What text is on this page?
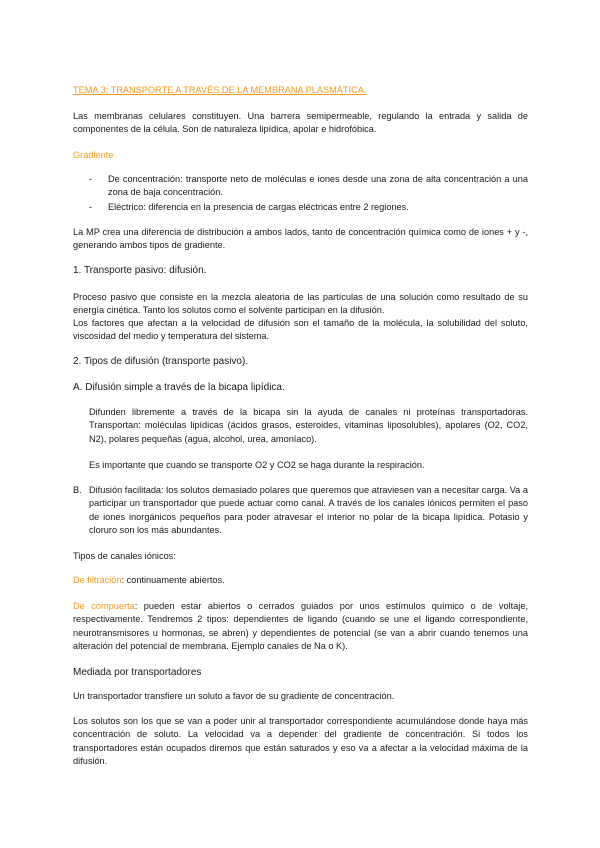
TEMA 3: TRANSPORTE A TRAVÉS DE LA MEMBRANA PLASMÁTICA.

Las membranas celulares constituyen. Una barrera semipermeable, regulando la entrada y salida de componentes de la célula. Son de naturaleza lipídica, apolar e hidrofóbica.

Gradiente

- De concentración: transporte neto de moléculas e iones desde una zona de alta concentración a una zona de baja concentración.

- Eléctrico: diferencia en la presencia de cargas eléctricas entre 2 regiones.

La MP crea una diferencia de distribución a ambos lados, tanto de concentración química como de iones + y -, generando ambos tipos de gradiente.

1. Transporte pasivo: difusión.

Proceso pasivo que consiste en la mezcla aleatoria de las partículas de una solución como resultado de su energía cinética. Tanto los solutos como el solvente participan en la difusión.

Los factores que afectan a la velocidad de difusión son el tamaño de la molécula, la solubilidad del soluto, viscosidad del medio y temperatura del sistema.

2. Tipos de difusión (transporte pasivo).

A. Difusión simple a través de la bicapa lipídica.

Difunden libremente a través de la bicapa sin la ayuda de canales ni proteínas transportadoras. Transportan: moléculas lipídicas (ácidos grasos, esteroides, vitaminas liposolubles), apolares (O2, CO2, N2), polares pequeñas (agua, alcohol, urea, amoníaco).

Es importante que cuando se transporte O2 y CO2 se haga durante la respiración.

B. Difusión facilitada: los solutos demasiado polares que queremos que atraviesen van a necesitar carga. Va a participar un transportador que puede actuar como canal. A través de los canales iónicos permiten el paso de iones inorgánicos pequeños para poder atravesar el interior no polar de la bicapa lipídica. Potasio y cloruro son los más abundantes.

Tipos de canales iónicos:

De filtración: continuamente abiertos.

De compuerta: pueden estar abiertos o cerrados guiados por unos estímulos químico o de voltaje, respectivamente. Tendremos 2 tipos: dependientes de ligando (cuando se une el ligando correspondiente, neurotransmisores u hormonas, se abren) y dependientes de potencial (se van a abrir cuando tenemos una alteración del potencial de membrana. Ejemplo canales de Na o K).

Mediada por transportadores

Un transportador transfiere un soluto a favor de su gradiente de concentración.

Los solutos son los que se van a poder unir al transportador correspondiente acumulándose donde haya más concentración de soluto. La velocidad va a depender del gradiente de concentración. Si todos los transportadores están ocupados diremos que están saturados y eso va a afectar a la velocidad máxima de la difusión.
